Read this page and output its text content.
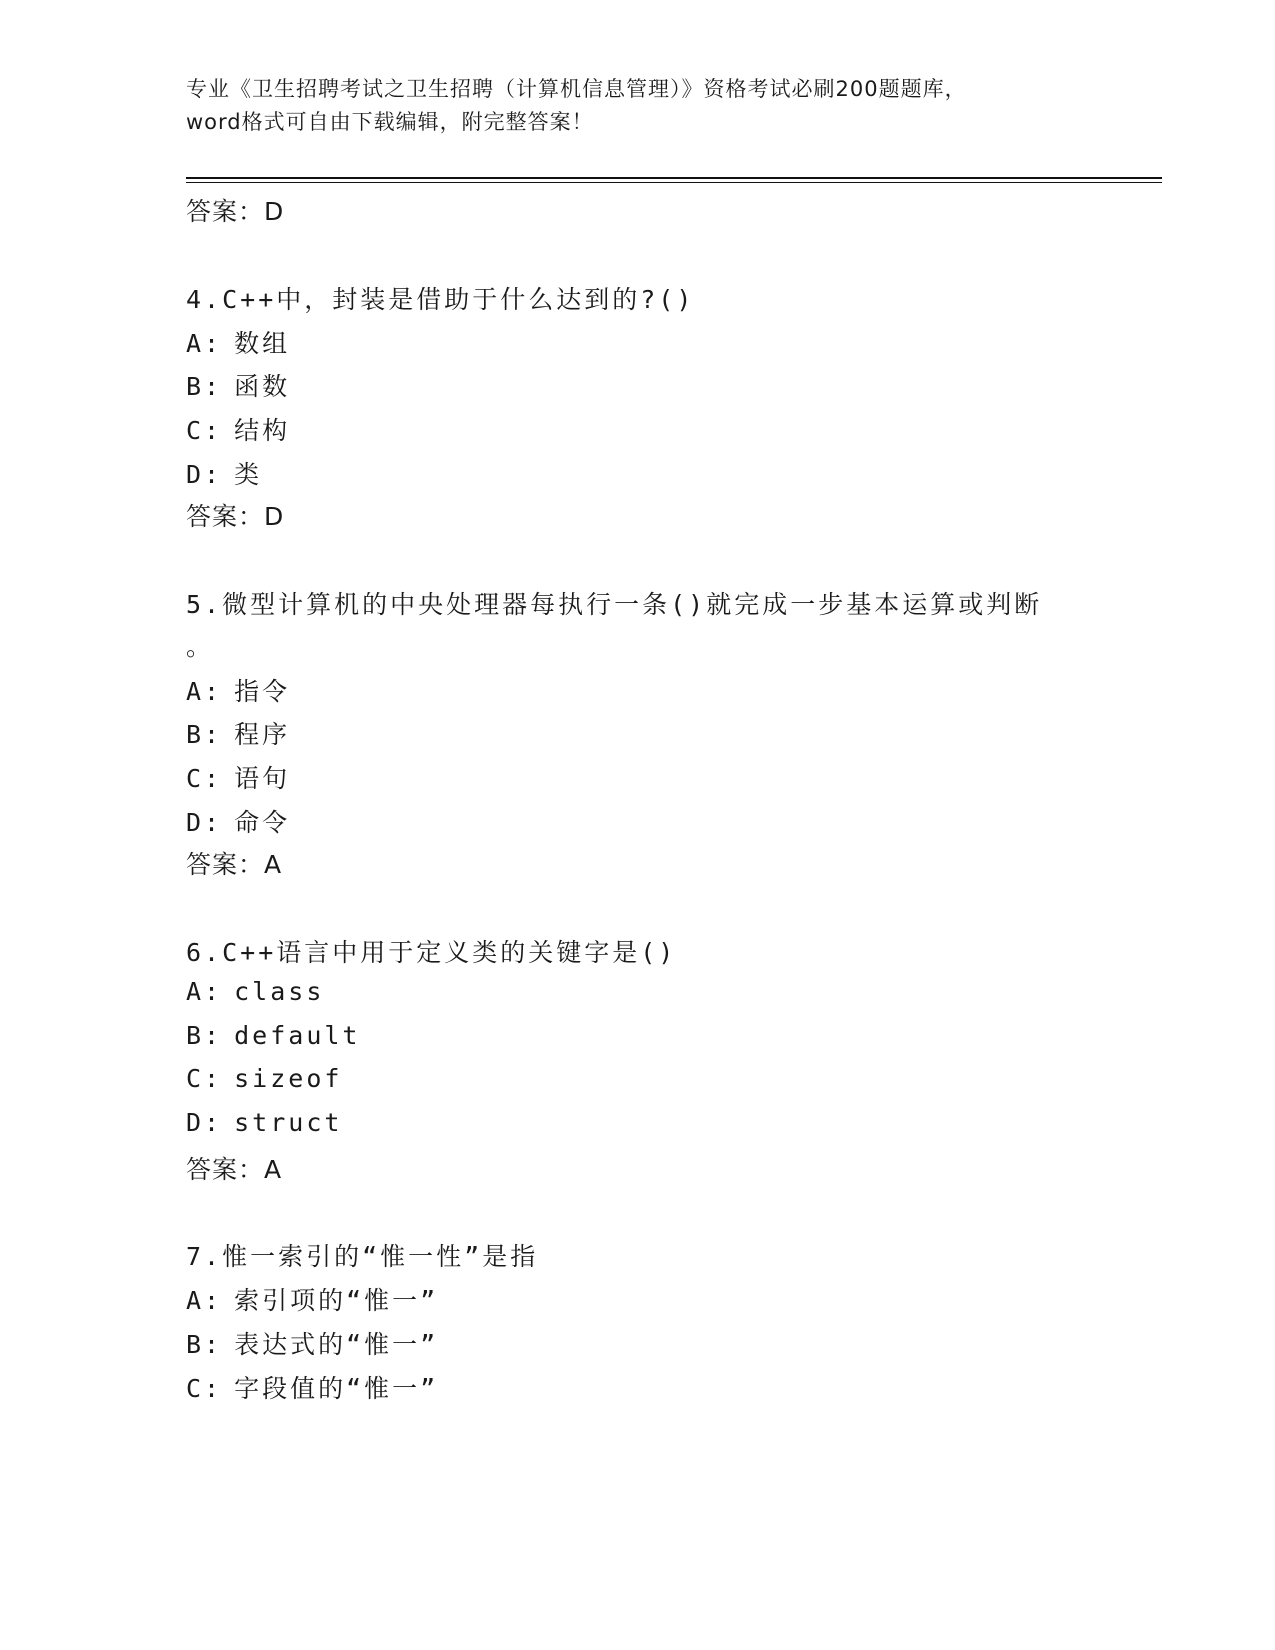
专业《卫生招聘考试之卫生招聘（计算机信息管理）》资格考试必刷200题题库，
word格式可自由下载编辑，附完整答案！
答案：D
4.C++中，封装是借助于什么达到的?()
A: 数组
B: 函数
C: 结构
D: 类
答案：D
5.微型计算机的中央处理器每执行一条()就完成一步基本运算或判断
。
A: 指令
B: 程序
C: 语句
D: 命令
答案：A
6.C++语言中用于定义类的关键字是()
A: class
B: default
C: sizeof
D: struct
答案：A
7.惟一索引的“惟一性”是指
A: 索引项的“惟一”
B: 表达式的“惟一”
C: 字段值的“惟一”
